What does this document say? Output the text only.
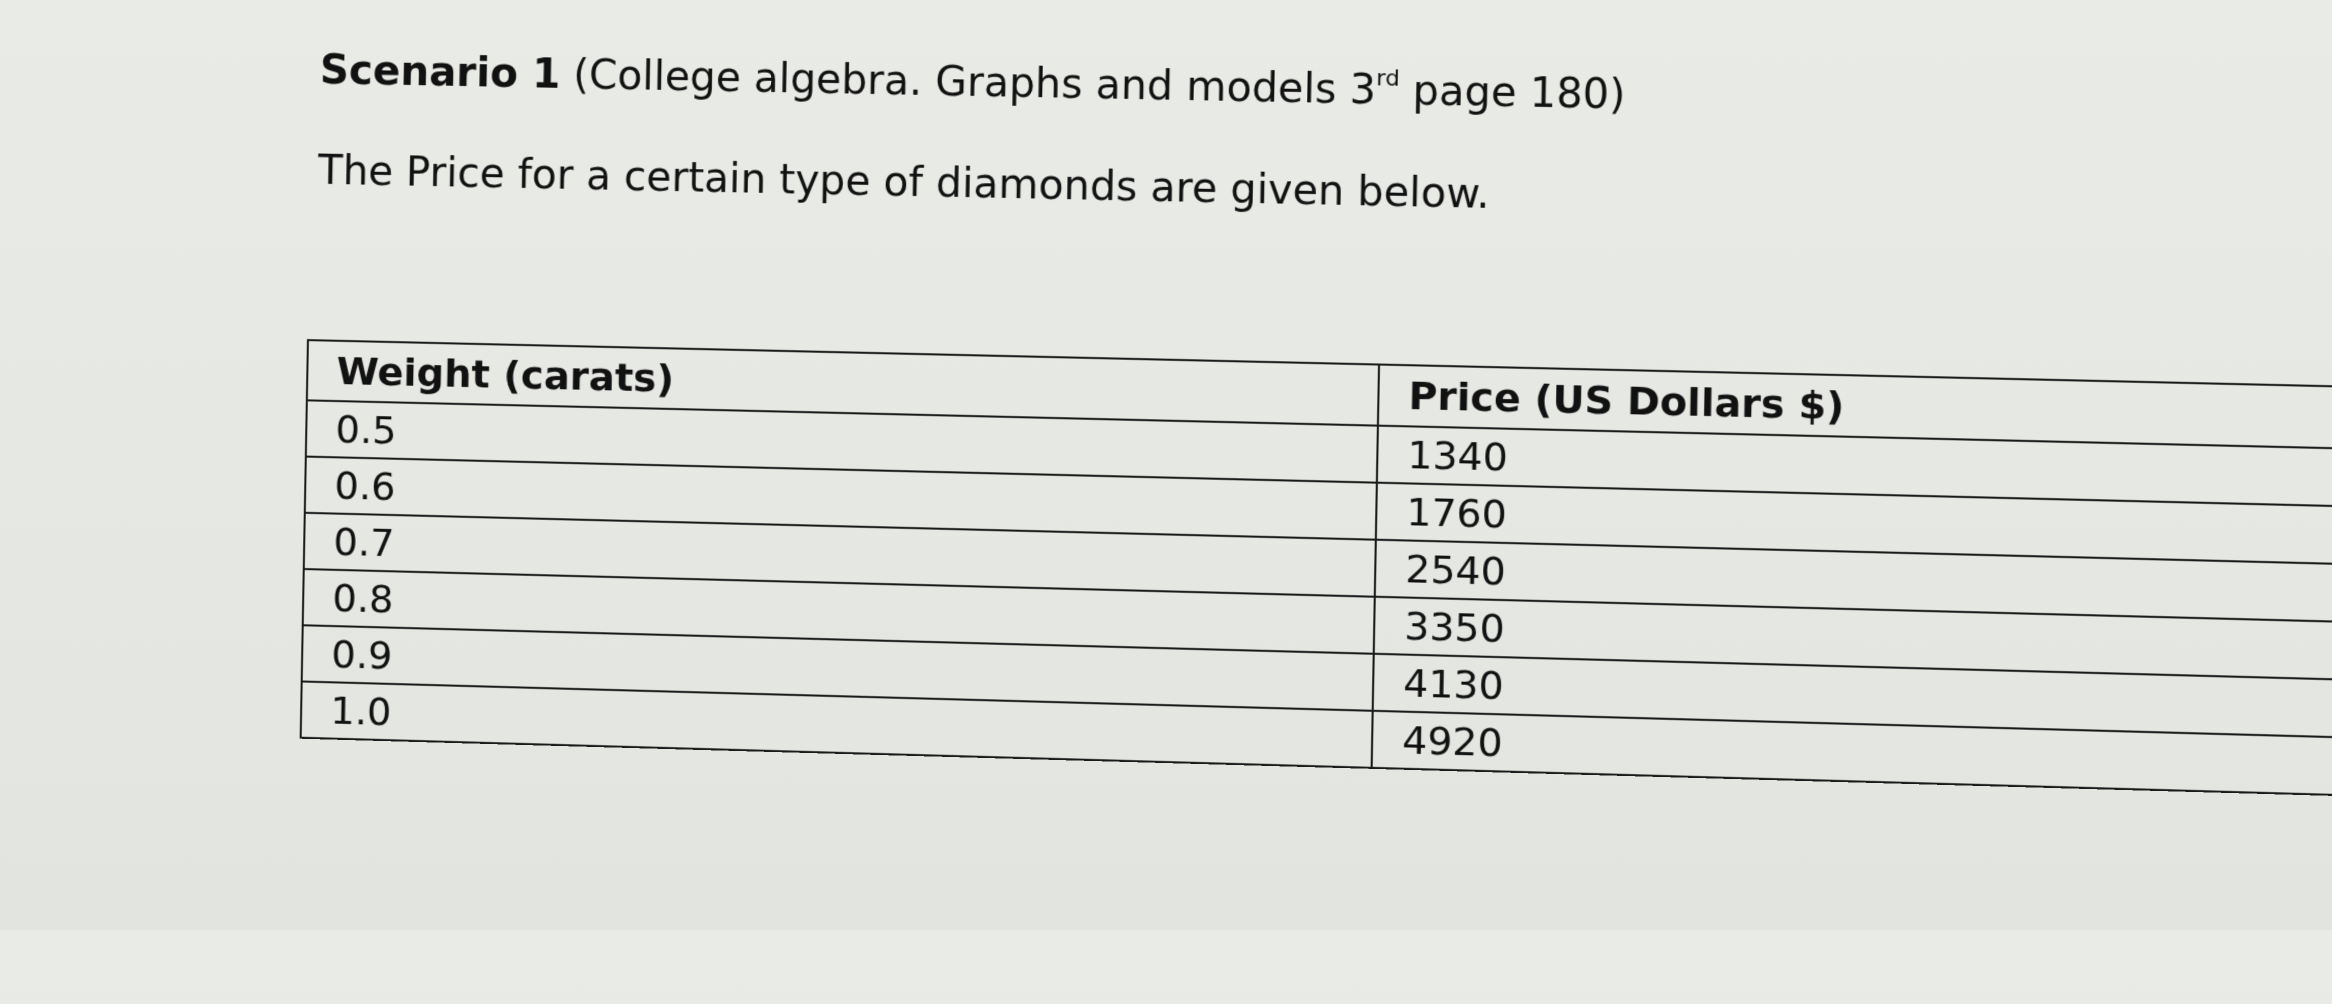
Scenario 1 (College algebra. Graphs and models 3rd page 180)

The Price for a certain type of diamonds are given below.

Weight (carats)	Price (US Dollars $)
0.5	1340
0.6	1760
0.7	2540
0.8	3350
0.9	4130
1.0	4920
